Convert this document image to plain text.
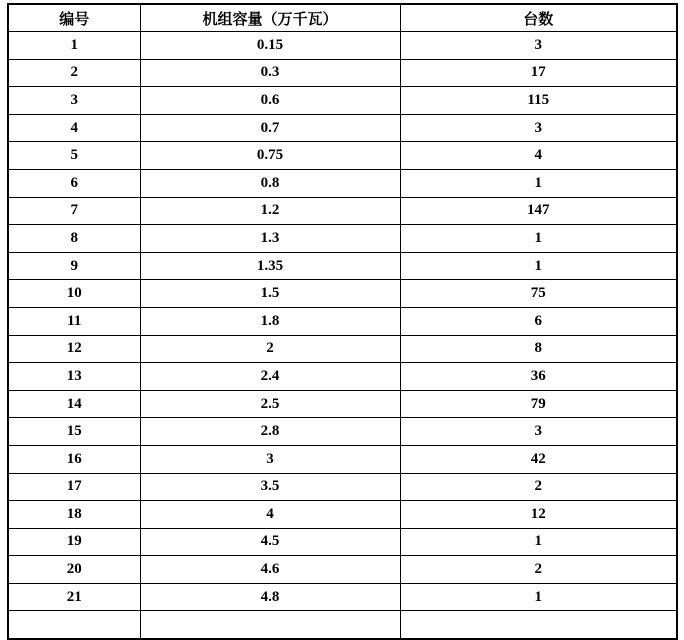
编号	机组容量（万千瓦）	台数
1	0.15	3
2	0.3	17
3	0.6	115
4	0.7	3
5	0.75	4
6	0.8	1
7	1.2	147
8	1.3	1
9	1.35	1
10	1.5	75
11	1.8	6
12	2	8
13	2.4	36
14	2.5	79
15	2.8	3
16	3	42
17	3.5	2
18	4	12
19	4.5	1
20	4.6	2
21	4.8	1
